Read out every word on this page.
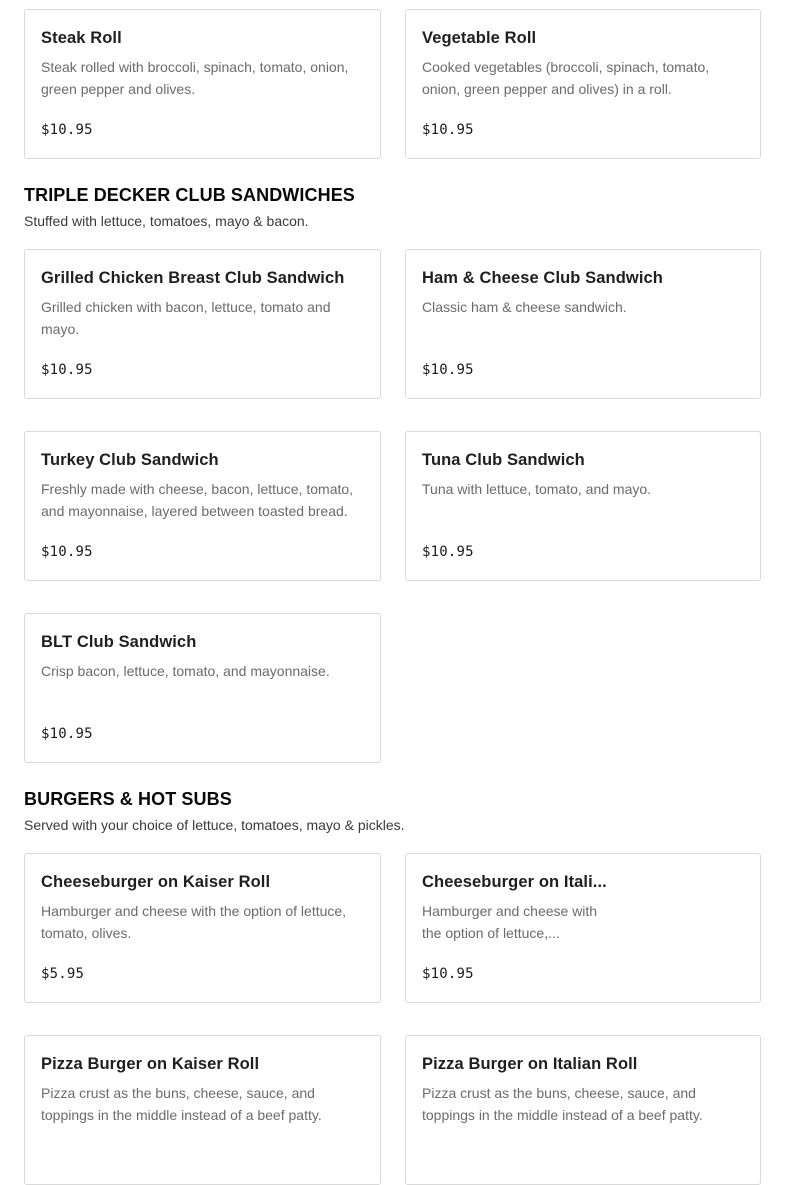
Steak Roll
Steak rolled with broccoli, spinach, tomato, onion, green pepper and olives.
$10.95
Vegetable Roll
Cooked vegetables (broccoli, spinach, tomato, onion, green pepper and olives) in a roll.
$10.95
TRIPLE DECKER CLUB SANDWICHES
Stuffed with lettuce, tomatoes, mayo & bacon.
Grilled Chicken Breast Club Sandwich
Grilled chicken with bacon, lettuce, tomato and mayo.
$10.95
Ham & Cheese Club Sandwich
Classic ham & cheese sandwich.
$10.95
Turkey Club Sandwich
Freshly made with cheese, bacon, lettuce, tomato, and mayonnaise, layered between toasted bread.
$10.95
Tuna Club Sandwich
Tuna with lettuce, tomato, and mayo.
$10.95
BLT Club Sandwich
Crisp bacon, lettuce, tomato, and mayonnaise.
$10.95
BURGERS & HOT SUBS
Served with your choice of lettuce, tomatoes, mayo & pickles.
Cheeseburger on Kaiser Roll
Hamburger and cheese with the option of lettuce, tomato, olives.
$5.95
Cheeseburger on Itali...
Hamburger and cheese with the option of lettuce,...
$10.95
Pizza Burger on Kaiser Roll
Pizza crust as the buns, cheese, sauce, and toppings in the middle instead of a beef patty.
Pizza Burger on Italian Roll
Pizza crust as the buns, cheese, sauce, and toppings in the middle instead of a beef patty.
